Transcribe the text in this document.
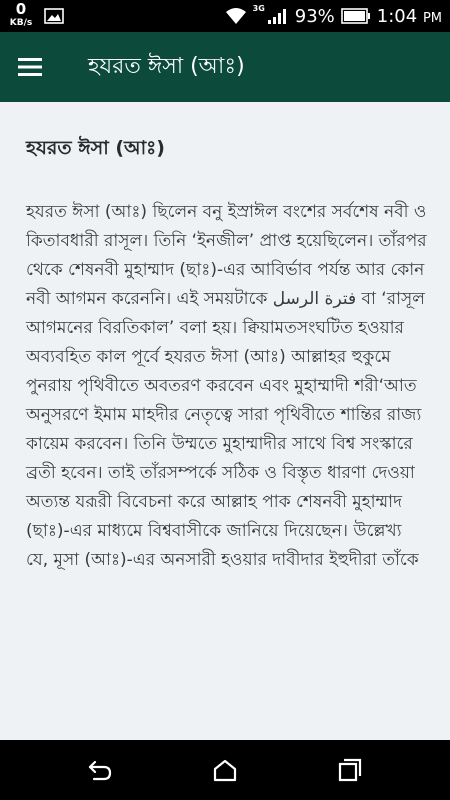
0
KB/s
3G 93% 1:04 PM
হযরত ঈসা (আঃ)
হযরত ঈসা (আঃ)
হযরত ঈসা (আঃ) ছিলেন বনু ইস্রাঈল বংশের সর্বশেষ নবী ও কিতাবধারী রাসূল। তিনি ‘ইনজীল’ প্রাপ্ত হয়েছিলেন। তাঁরপর থেকে শেষনবী মুহাম্মাদ (ছাঃ)-এর আবির্ভাব পর্যন্ত আর কোন নবী আগমন করেননি। এই সময়টাকে فترة الرسل বা ‘রাসূল আগমনের বিরতিকাল’ বলা হয়। ক্বিয়ামতসংঘটিত হওয়ার অব্যবহিত কাল পূর্বে হযরত ঈসা (আঃ) আল্লাহর হুকুমে পুনরায় পৃথিবীতে অবতরণ করবেন এবং মুহাম্মাদী শরী‘আত অনুসরণে ইমাম মাহদীর নেতৃত্বে সারা পৃথিবীতে শান্তির রাজ্য কায়েম করবেন। তিনি উম্মতে মুহাম্মাদীর সাথে বিশ্ব সংস্কারে ব্রতী হবেন। তাই তাঁরসম্পর্কে সঠিক ও বিস্তৃত ধারণা দেওয়া অত্যন্ত যরূরী বিবেচনা করে আল্লাহ পাক শেষনবী মুহাম্মাদ (ছাঃ)-এর মাধ্যমে বিশ্ববাসীকে জানিয়ে দিয়েছেন। উল্লেখ্য যে, মূসা (আঃ)-এর অনসারী হওয়ার দাবীদার ইহুদীরা তাঁকে
